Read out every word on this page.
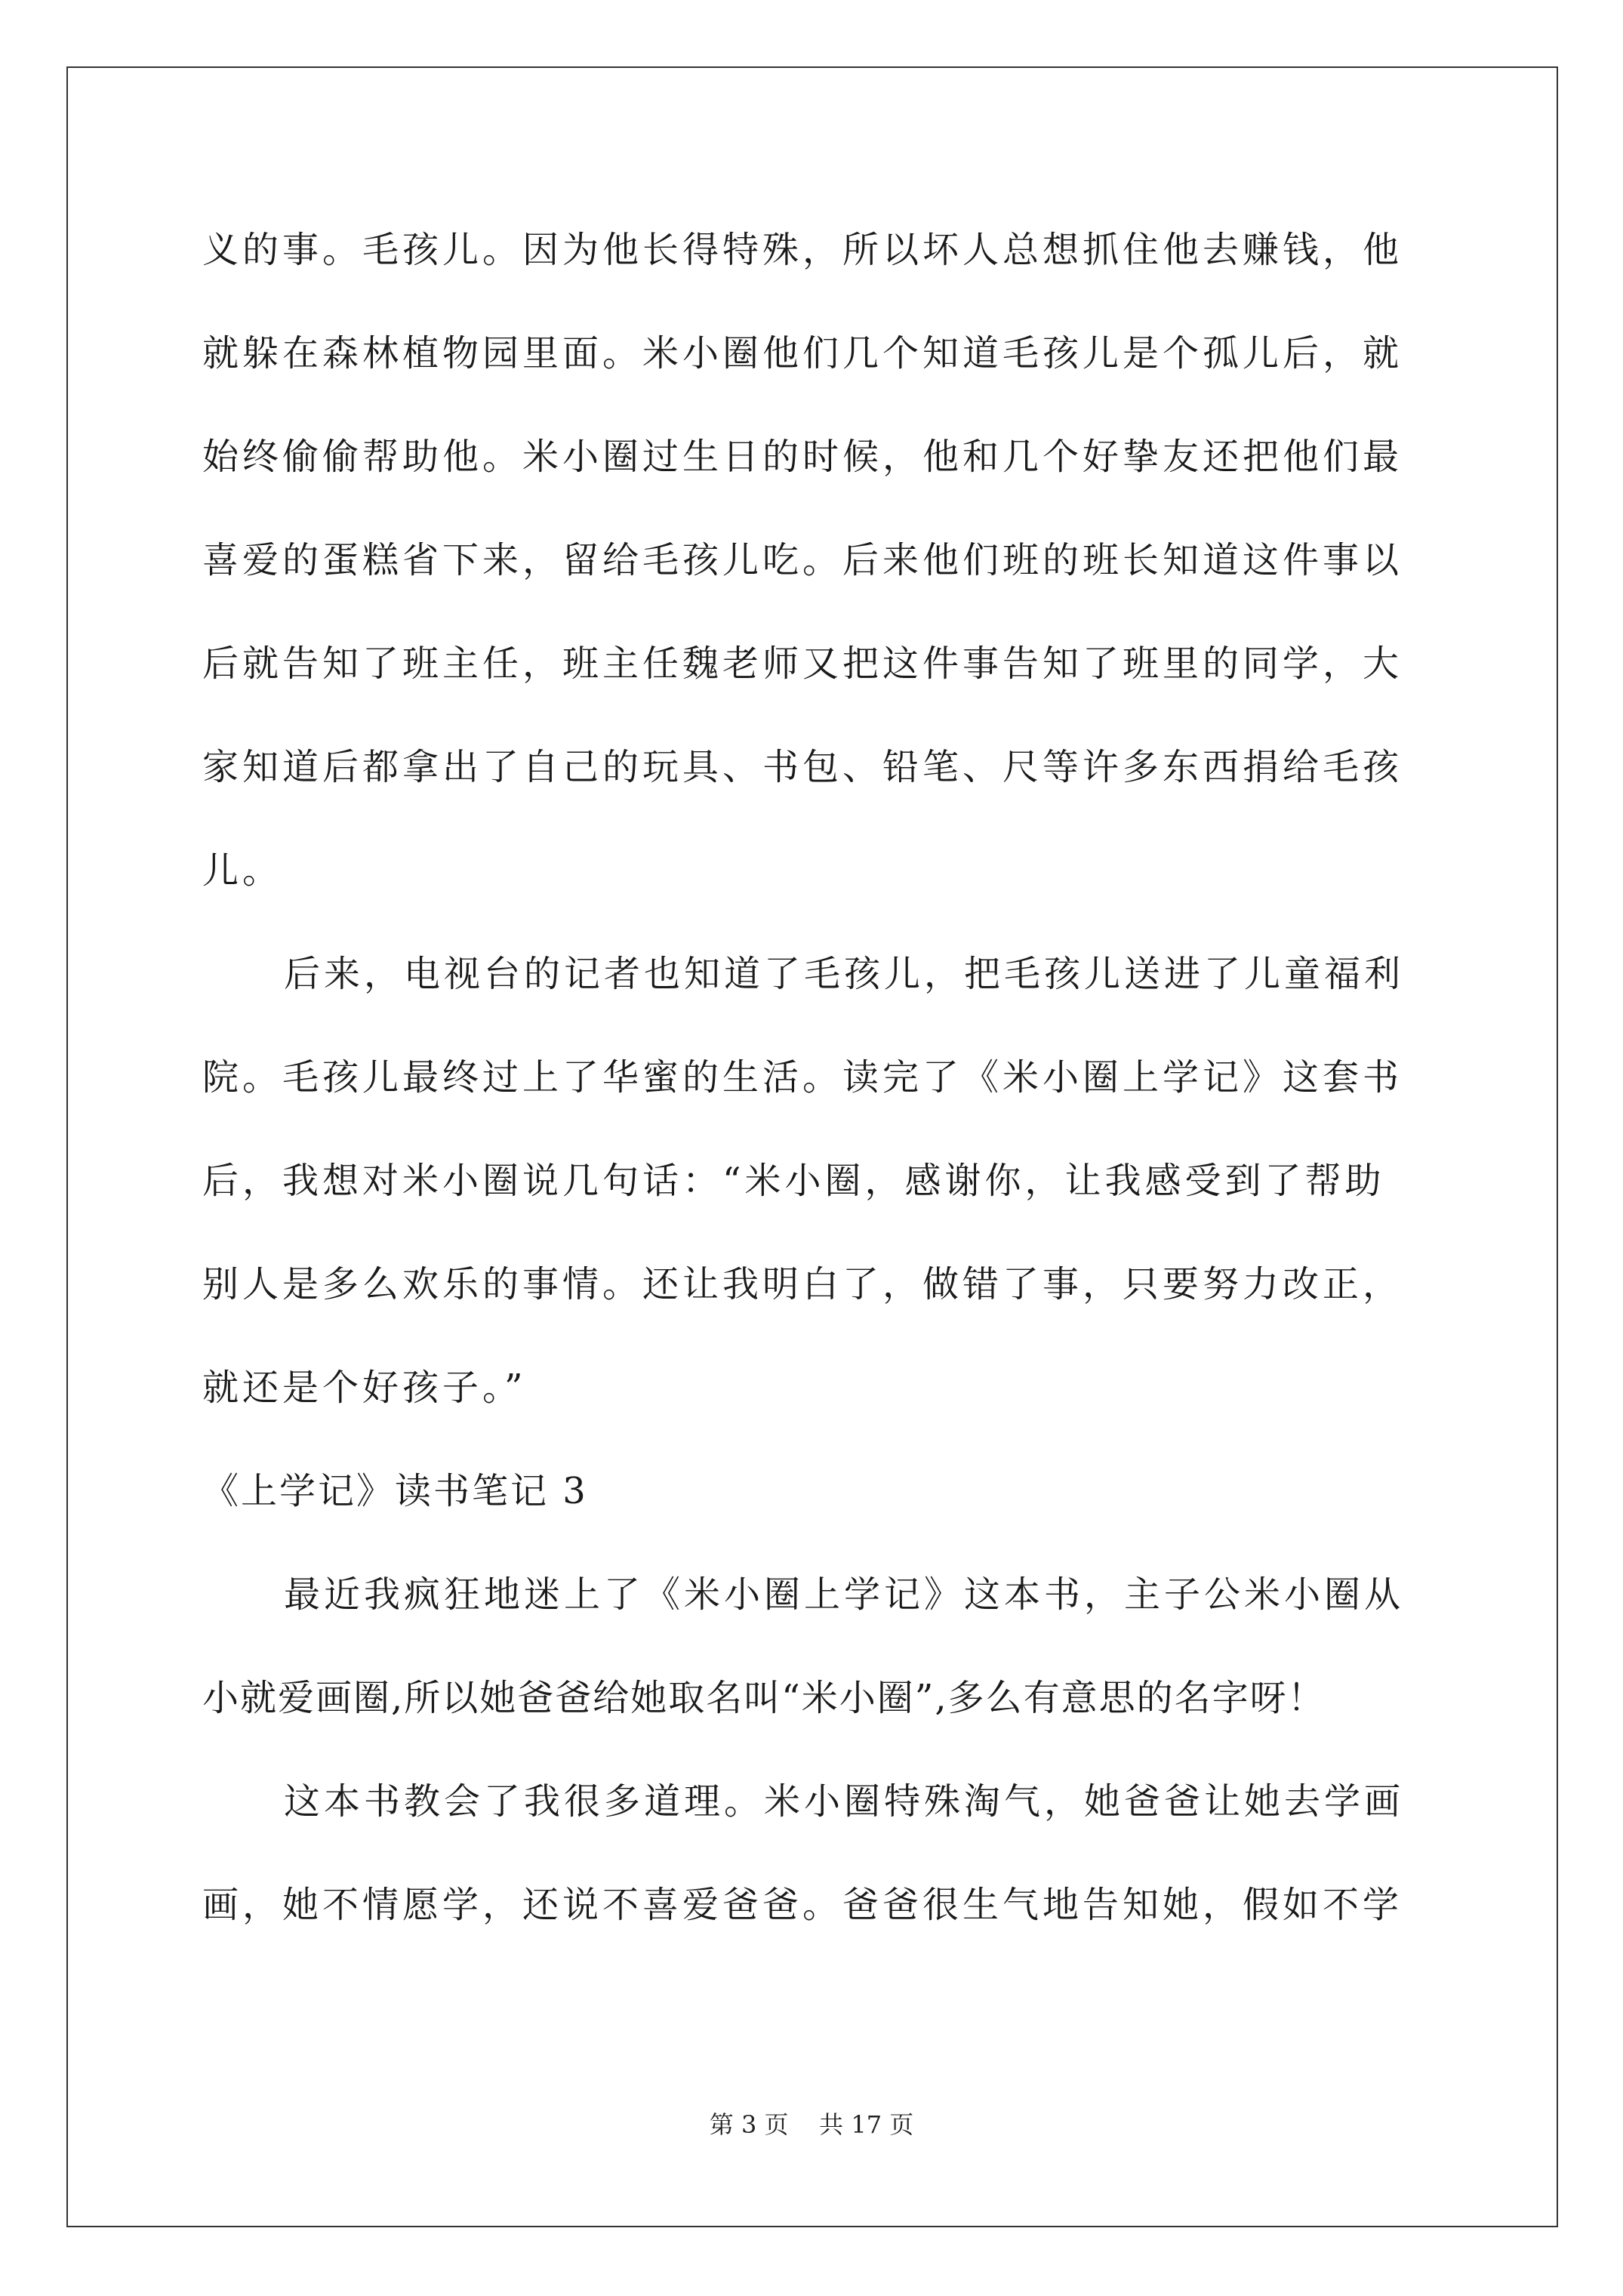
义的事。毛孩儿。因为他长得特殊，所以坏人总想抓住他去赚钱，他
就躲在森林植物园里面。米小圈他们几个知道毛孩儿是个孤儿后，就
始终偷偷帮助他。米小圈过生日的时候，他和几个好挚友还把他们最
喜爱的蛋糕省下来，留给毛孩儿吃。后来他们班的班长知道这件事以
后就告知了班主任，班主任魏老师又把这件事告知了班里的同学，大
家知道后都拿出了自己的玩具、书包、铅笔、尺等许多东西捐给毛孩
儿。
后来，电视台的记者也知道了毛孩儿，把毛孩儿送进了儿童福利
院。毛孩儿最终过上了华蜜的生活。读完了《米小圈上学记》这套书
后，我想对米小圈说几句话：“米小圈，感谢你，让我感受到了帮助
别人是多么欢乐的事情。还让我明白了，做错了事，只要努力改正，
就还是个好孩子。”
《上学记》读书笔记 3
最近我疯狂地迷上了《米小圈上学记》这本书，主子公米小圈从
小就爱画圈,所以她爸爸给她取名叫“米小圈”,多么有意思的名字呀！
这本书教会了我很多道理。米小圈特殊淘气，她爸爸让她去学画
画，她不情愿学，还说不喜爱爸爸。爸爸很生气地告知她，假如不学
第 3 页    共 17 页
